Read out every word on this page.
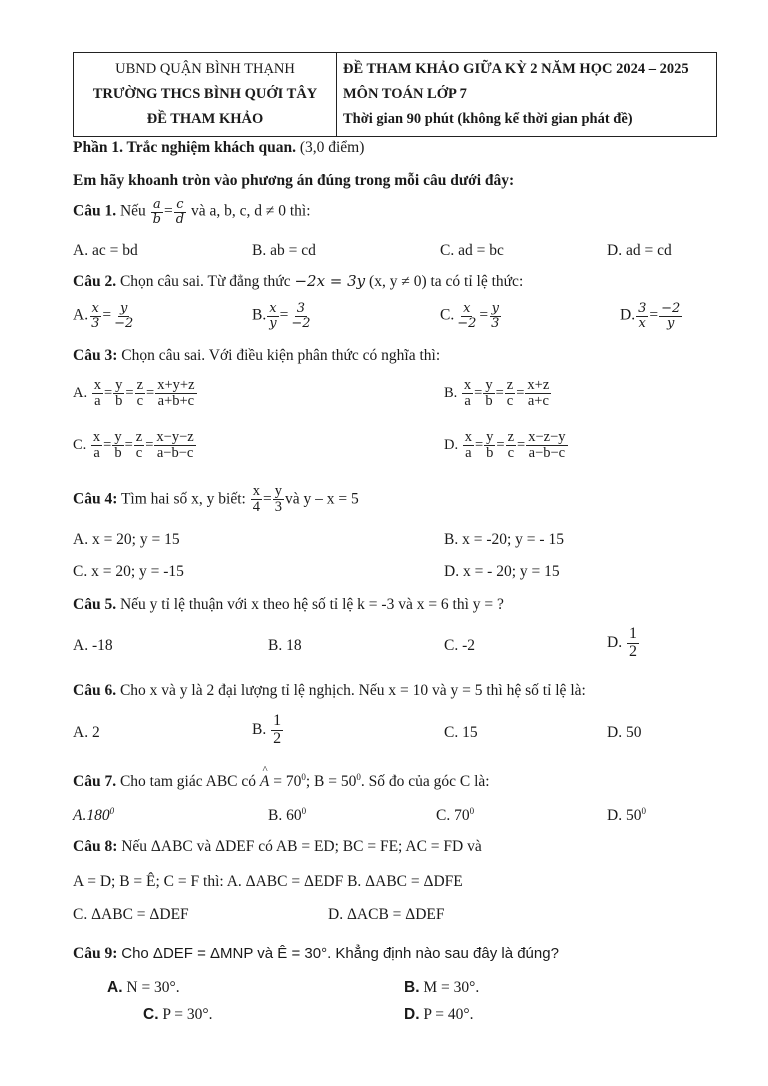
UBND QUẬN BÌNH THẠNH
TRƯỜNG THCS BÌNH QUỚI TÂY
ĐỀ THAM KHẢO

ĐỀ THAM KHẢO GIỮA KỲ 2 NĂM HỌC 2024 – 2025
MÔN TOÁN LỚP 7
Thời gian 90 phút (không kể thời gian phát đề)
Phần 1. Trắc nghiệm khách quan. (3,0 điểm)
Em hãy khoanh tròn vào phương án đúng trong mỗi câu dưới đây:
Câu 1. Nếu $\frac{a}{b} = \frac{c}{d}$ và a, b, c, d ≠ 0 thì:
A. ac = bd	B. ab = cd	C. ad = bc	D. ad = cd
Câu 2. Chọn câu sai. Từ đẳng thức −2x = 3y (x, y ≠ 0) ta có tỉ lệ thức:
A. $\frac{x}{3} = \frac{y}{-2}$	B. $\frac{x}{y} = \frac{3}{-2}$	C. $\frac{x}{-2} = \frac{y}{3}$	D. $\frac{3}{x} = \frac{-2}{y}$
Câu 3: Chọn câu sai. Với điều kiện phân thức có nghĩa thì:
A. $\frac{x}{a} = \frac{y}{b} = \frac{z}{c} = \frac{x+y+z}{a+b+c}$	B. $\frac{x}{a} = \frac{y}{b} = \frac{z}{c} = \frac{x+z}{a+c}$
C. $\frac{x}{a} = \frac{y}{b} = \frac{z}{c} = \frac{x-y-z}{a-b-c}$	D. $\frac{x}{a} = \frac{y}{b} = \frac{z}{c} = \frac{x-z-y}{a-b-c}$
Câu 4: Tìm hai số x, y biết: $\frac{x}{4} = \frac{y}{3}$ và y – x = 5
A. x = 20; y = 15	B. x = -20; y = - 15
C. x = 20; y = -15	D. x = - 20; y = 15
Câu 5. Nếu y tỉ lệ thuận với x theo hệ số tỉ lệ k = -3 và x = 6 thì y = ?
A. -18	B. 18	C. -2	D. $\frac{1}{2}$
Câu 6. Cho x và y là 2 đại lượng tỉ lệ nghịch. Nếu x = 10 và y = 5 thì hệ số tỉ lệ là:
A. 2	B. $\frac{1}{2}$	C. 15	D. 50
Câu 7. Cho tam giác ABC có ^ $A = 70^0$; $B = 50^0$. Số đo của góc C là:
A.180$^0$	B. $60^0$	C. $70^0$	D. $50^0$
Câu 8: Nếu ΔABC và ΔDEF có AB = ED; BC = FE; AC = FD và
A = D; B = Ê; C = F thì: A. ΔABC = ΔEDF B. ΔABC = ΔDFE
C. ΔABC = ΔDEF	D. ΔACB = ΔDEF
Câu 9: Cho ΔDEF = ΔMNP và Ê = 30°. Khẳng định nào sau đây là đúng?
A. N = 30°.	B. M = 30°.
C. P = 30°.	D. P = 40°.
